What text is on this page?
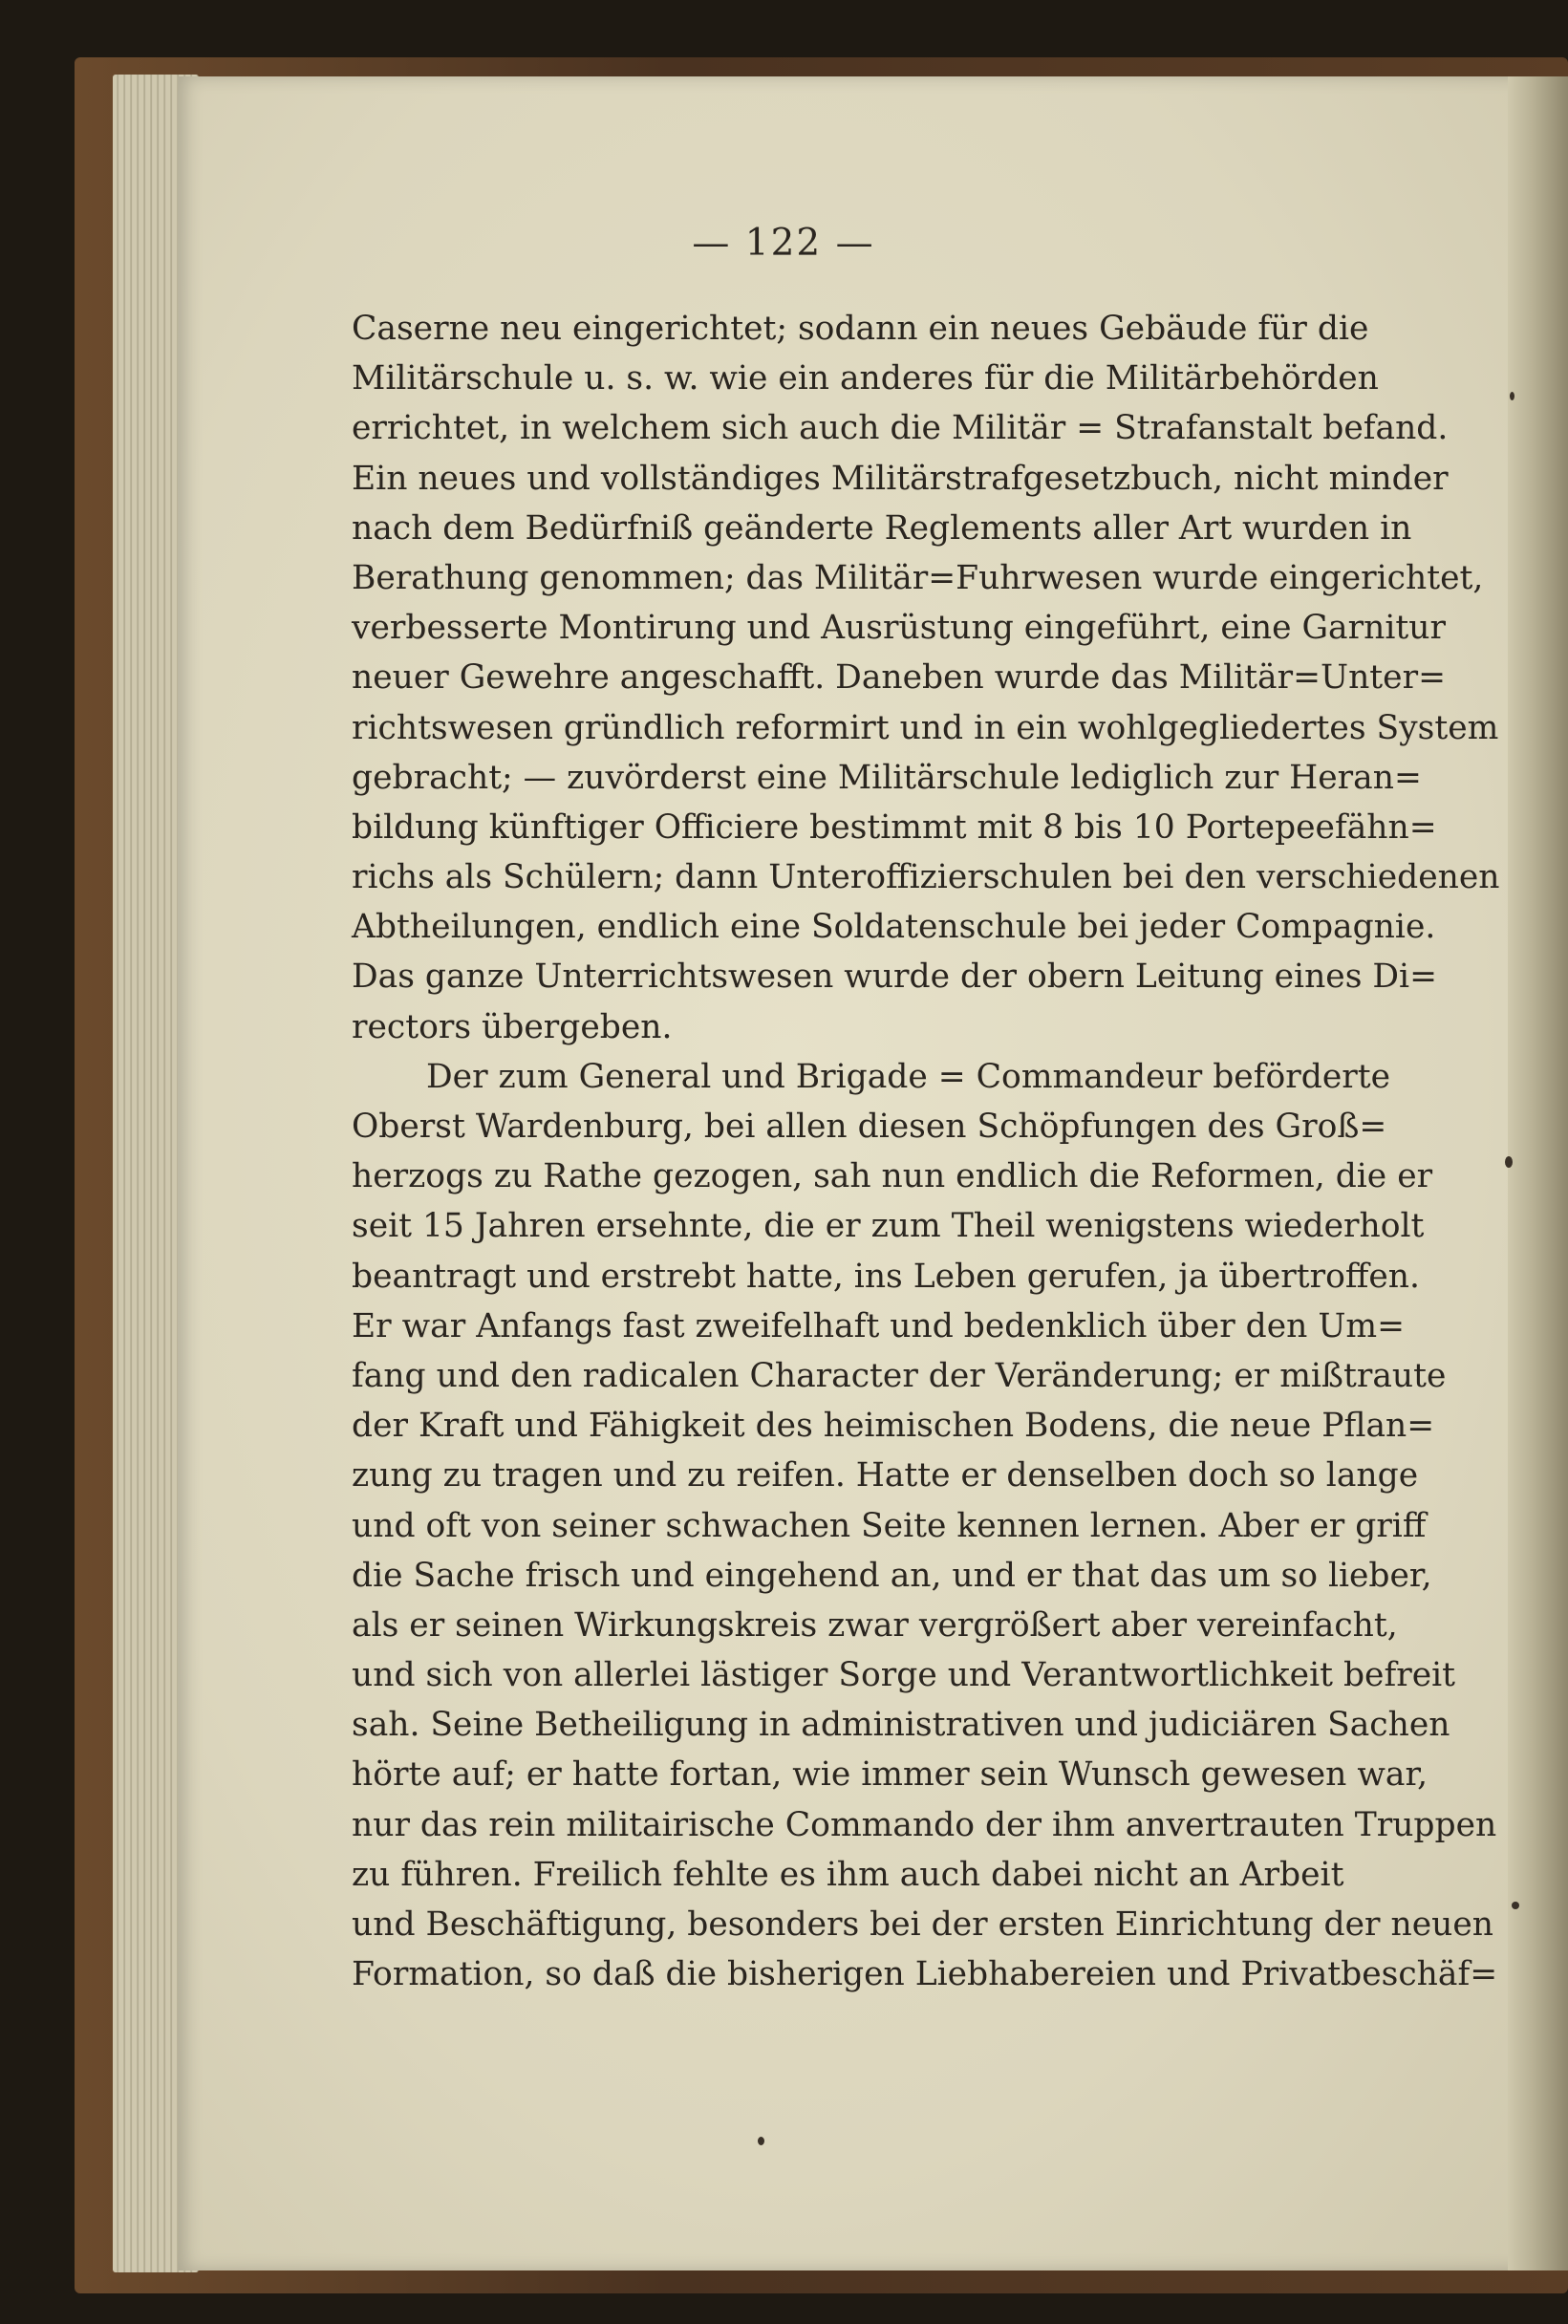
— 122 —
Caserne neu eingerichtet; sodann ein neues Gebäude für die
Militärschule u. s. w. wie ein anderes für die Militärbehörden
errichtet, in welchem sich auch die Militär = Strafanstalt befand.
Ein neues und vollständiges Militärstrafgesetzbuch, nicht minder
nach dem Bedürfniß geänderte Reglements aller Art wurden in
Berathung genommen; das Militär=Fuhrwesen wurde eingerichtet,
verbesserte Montirung und Ausrüstung eingeführt, eine Garnitur
neuer Gewehre angeschafft. Daneben wurde das Militär=Unter=
richtswesen gründlich reformirt und in ein wohlgegliedertes System
gebracht; — zuvörderst eine Militärschule lediglich zur Heran=
bildung künftiger Officiere bestimmt mit 8 bis 10 Portepeefähn=
richs als Schülern; dann Unteroffizierschulen bei den verschiedenen
Abtheilungen, endlich eine Soldatenschule bei jeder Compagnie.
Das ganze Unterrichtswesen wurde der obern Leitung eines Di=
rectors übergeben.
Der zum General und Brigade = Commandeur beförderte
Oberst Wardenburg, bei allen diesen Schöpfungen des Groß=
herzogs zu Rathe gezogen, sah nun endlich die Reformen, die er
seit 15 Jahren ersehnte, die er zum Theil wenigstens wiederholt
beantragt und erstrebt hatte, ins Leben gerufen, ja übertroffen.
Er war Anfangs fast zweifelhaft und bedenklich über den Um=
fang und den radicalen Character der Veränderung; er mißtraute
der Kraft und Fähigkeit des heimischen Bodens, die neue Pflan=
zung zu tragen und zu reifen. Hatte er denselben doch so lange
und oft von seiner schwachen Seite kennen lernen. Aber er griff
die Sache frisch und eingehend an, und er that das um so lieber,
als er seinen Wirkungskreis zwar vergrößert aber vereinfacht,
und sich von allerlei lästiger Sorge und Verantwortlichkeit befreit
sah. Seine Betheiligung in administrativen und judiciären Sachen
hörte auf; er hatte fortan, wie immer sein Wunsch gewesen war,
nur das rein militairische Commando der ihm anvertrauten Truppen
zu führen. Freilich fehlte es ihm auch dabei nicht an Arbeit
und Beschäftigung, besonders bei der ersten Einrichtung der neuen
Formation, so daß die bisherigen Liebhabereien und Privatbeschäf=
